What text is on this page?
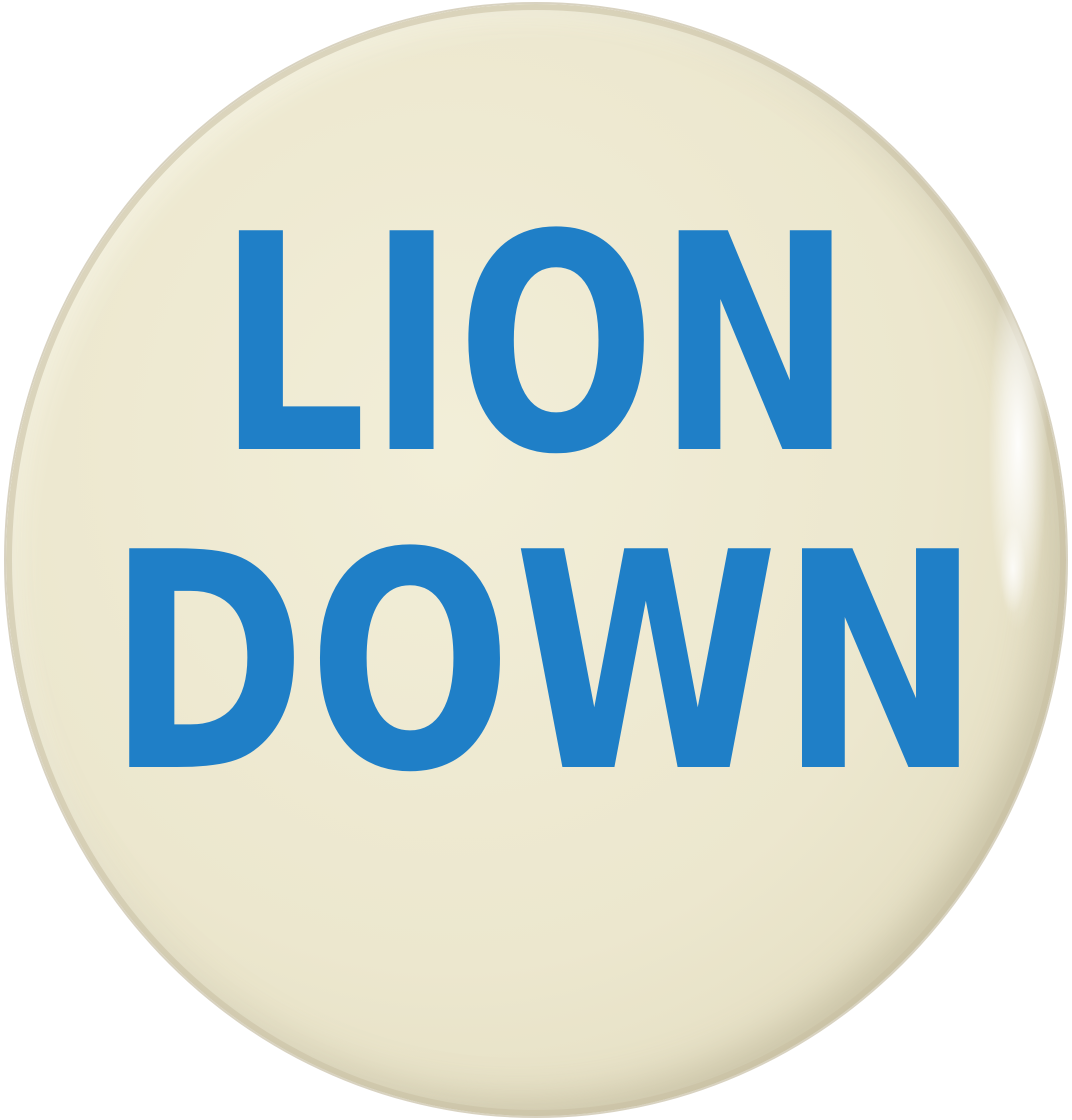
LION

DOWN
